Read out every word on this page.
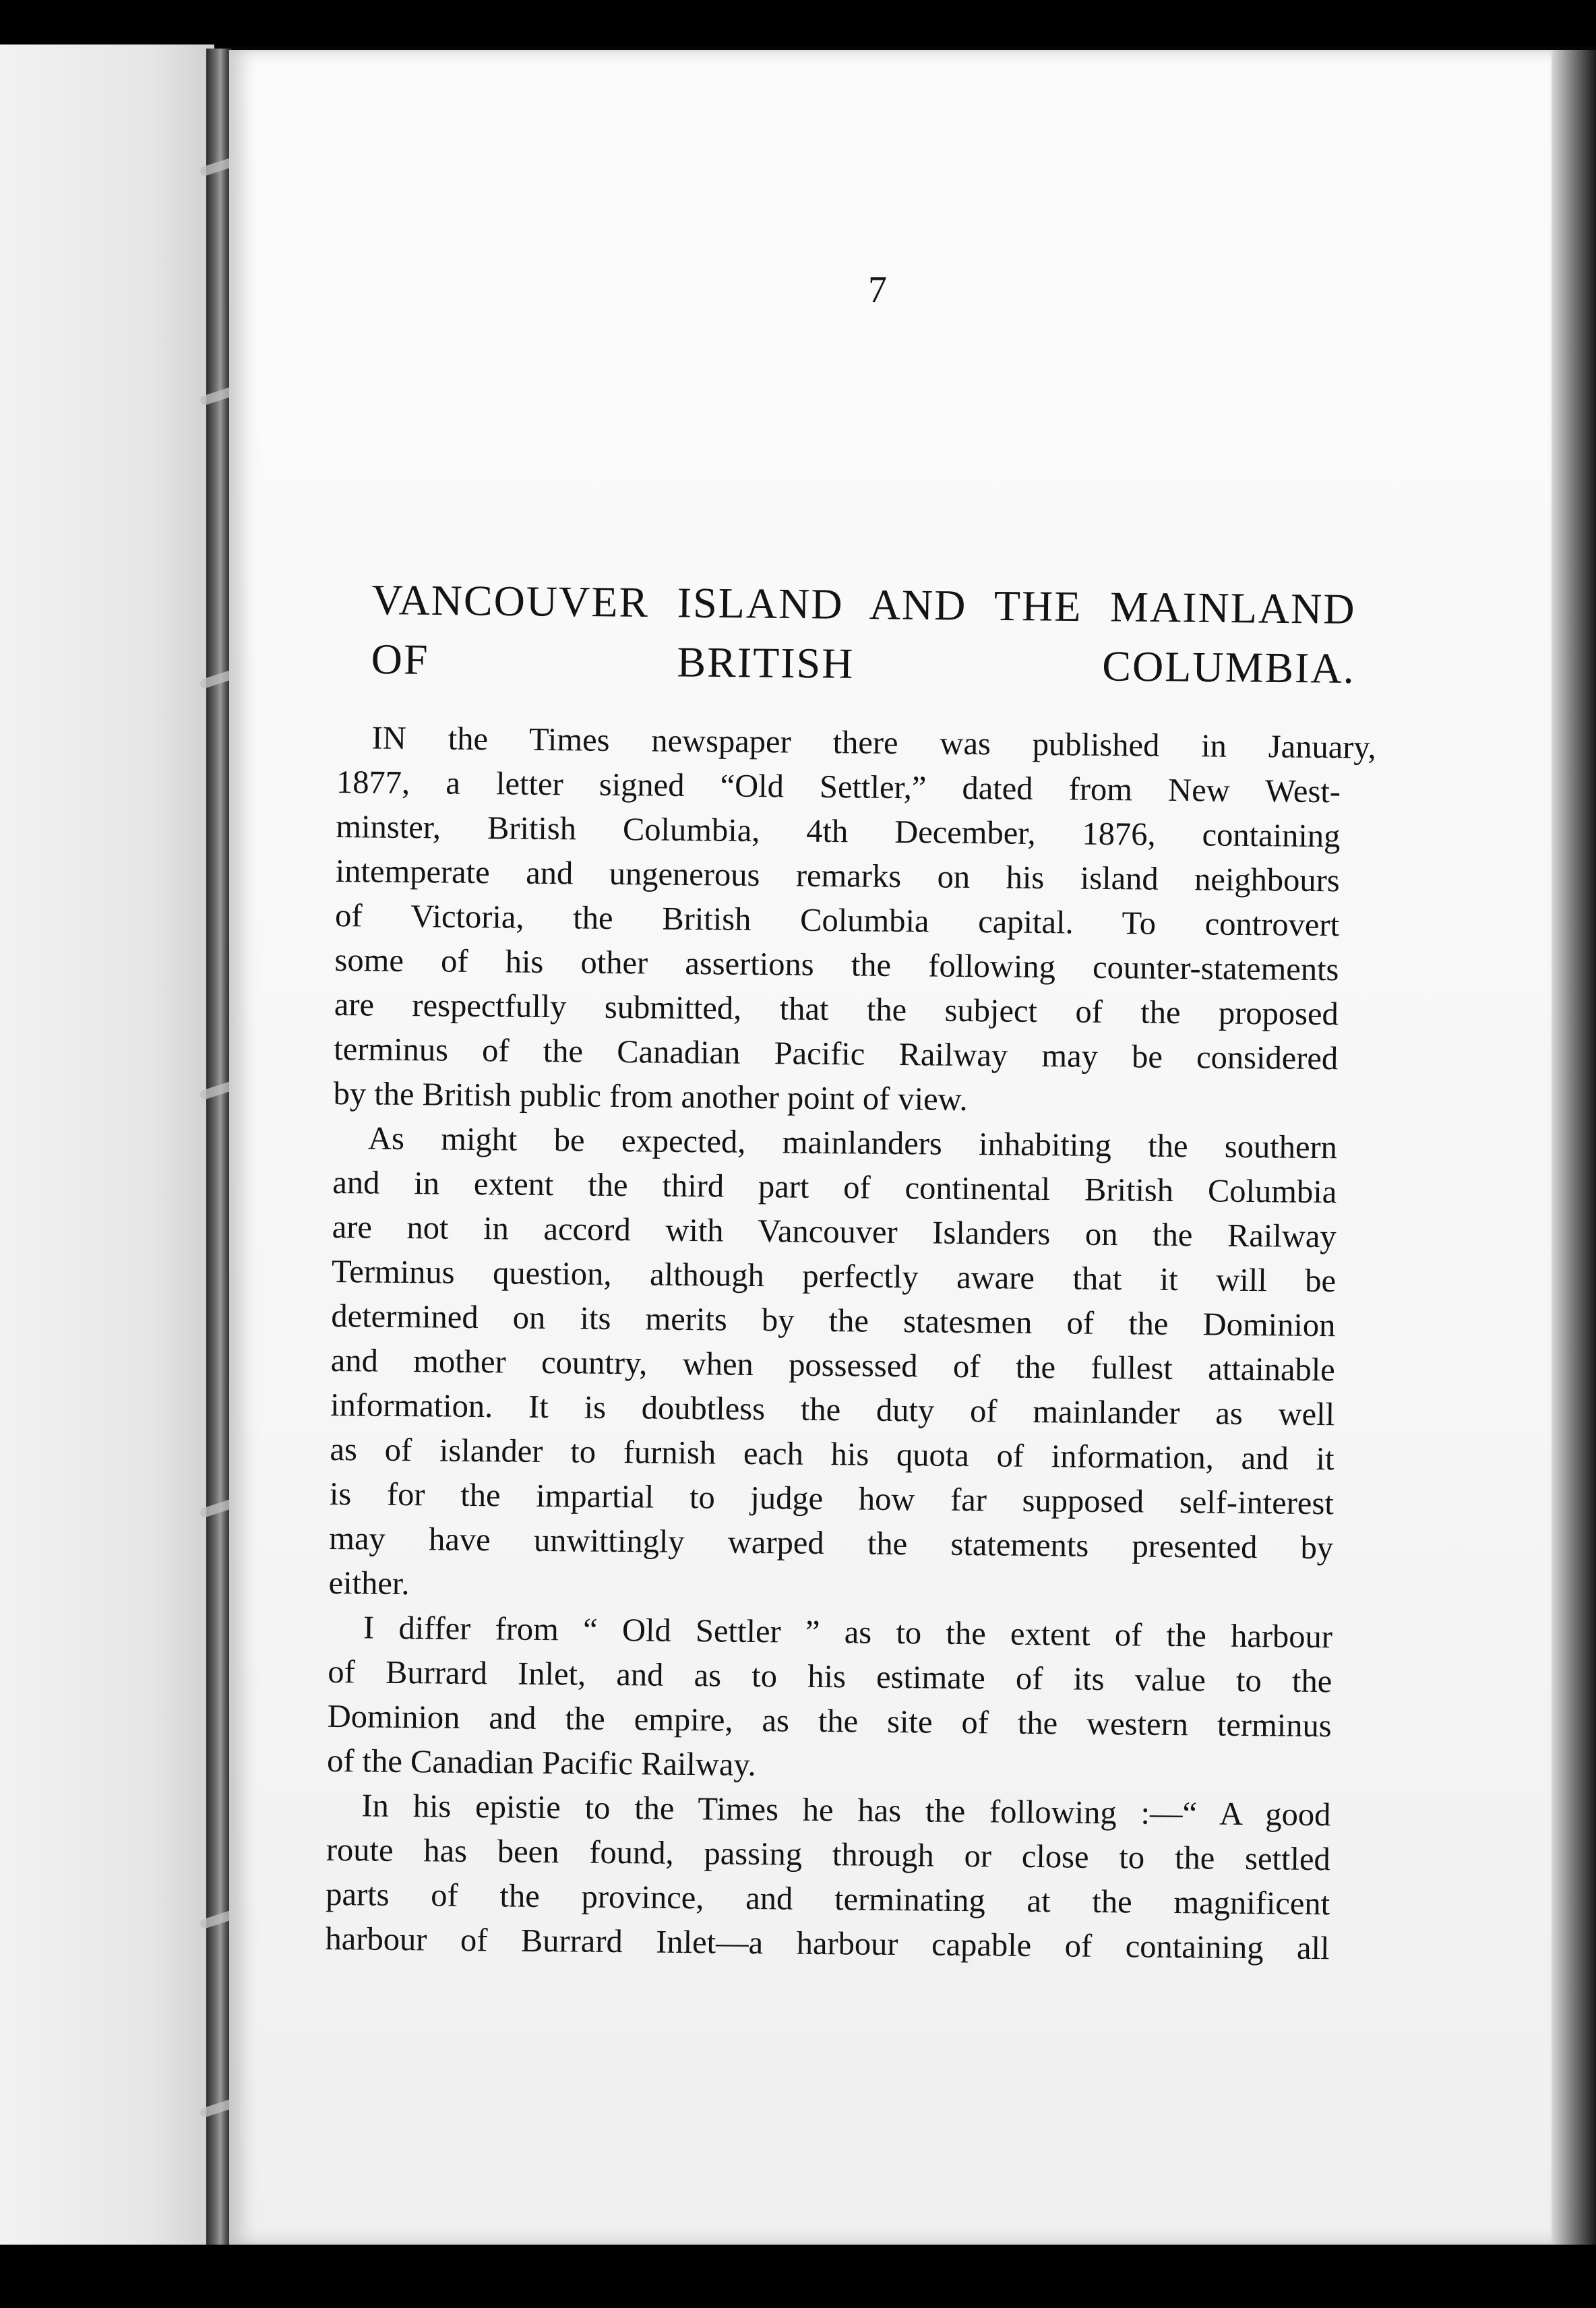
7
VANCOUVER ISLAND AND THE MAINLAND
OF BRITISH COLUMBIA.

IN the Times newspaper there was published in January,
1877, a letter signed “Old Settler,” dated from New West-
minster, British Columbia, 4th December, 1876, containing
intemperate and ungenerous remarks on his island neighbours
of Victoria, the British Columbia capital. To controvert
some of his other assertions the following counter-statements
are respectfully submitted, that the subject of the proposed
terminus of the Canadian Pacific Railway may be considered
by the British public from another point of view.

As might be expected, mainlanders inhabiting the southern
and in extent the third part of continental British Columbia
are not in accord with Vancouver Islanders on the Railway
Terminus question, although perfectly aware that it will be
determined on its merits by the statesmen of the Dominion
and mother country, when possessed of the fullest attainable
information. It is doubtless the duty of mainlander as well
as of islander to furnish each his quota of information, and it
is for the impartial to judge how far supposed self-interest
may have unwittingly warped the statements presented by
either.

I differ from “ Old Settler ” as to the extent of the harbour
of Burrard Inlet, and as to his estimate of its value to the
Dominion and the empire, as the site of the western terminus
of the Canadian Pacific Railway.

In his epistie to the Times he has the following :—“ A good
route has been found, passing through or close to the settled
parts of the province, and terminating at the magnificent
harbour of Burrard Inlet—a harbour capable of containing all
